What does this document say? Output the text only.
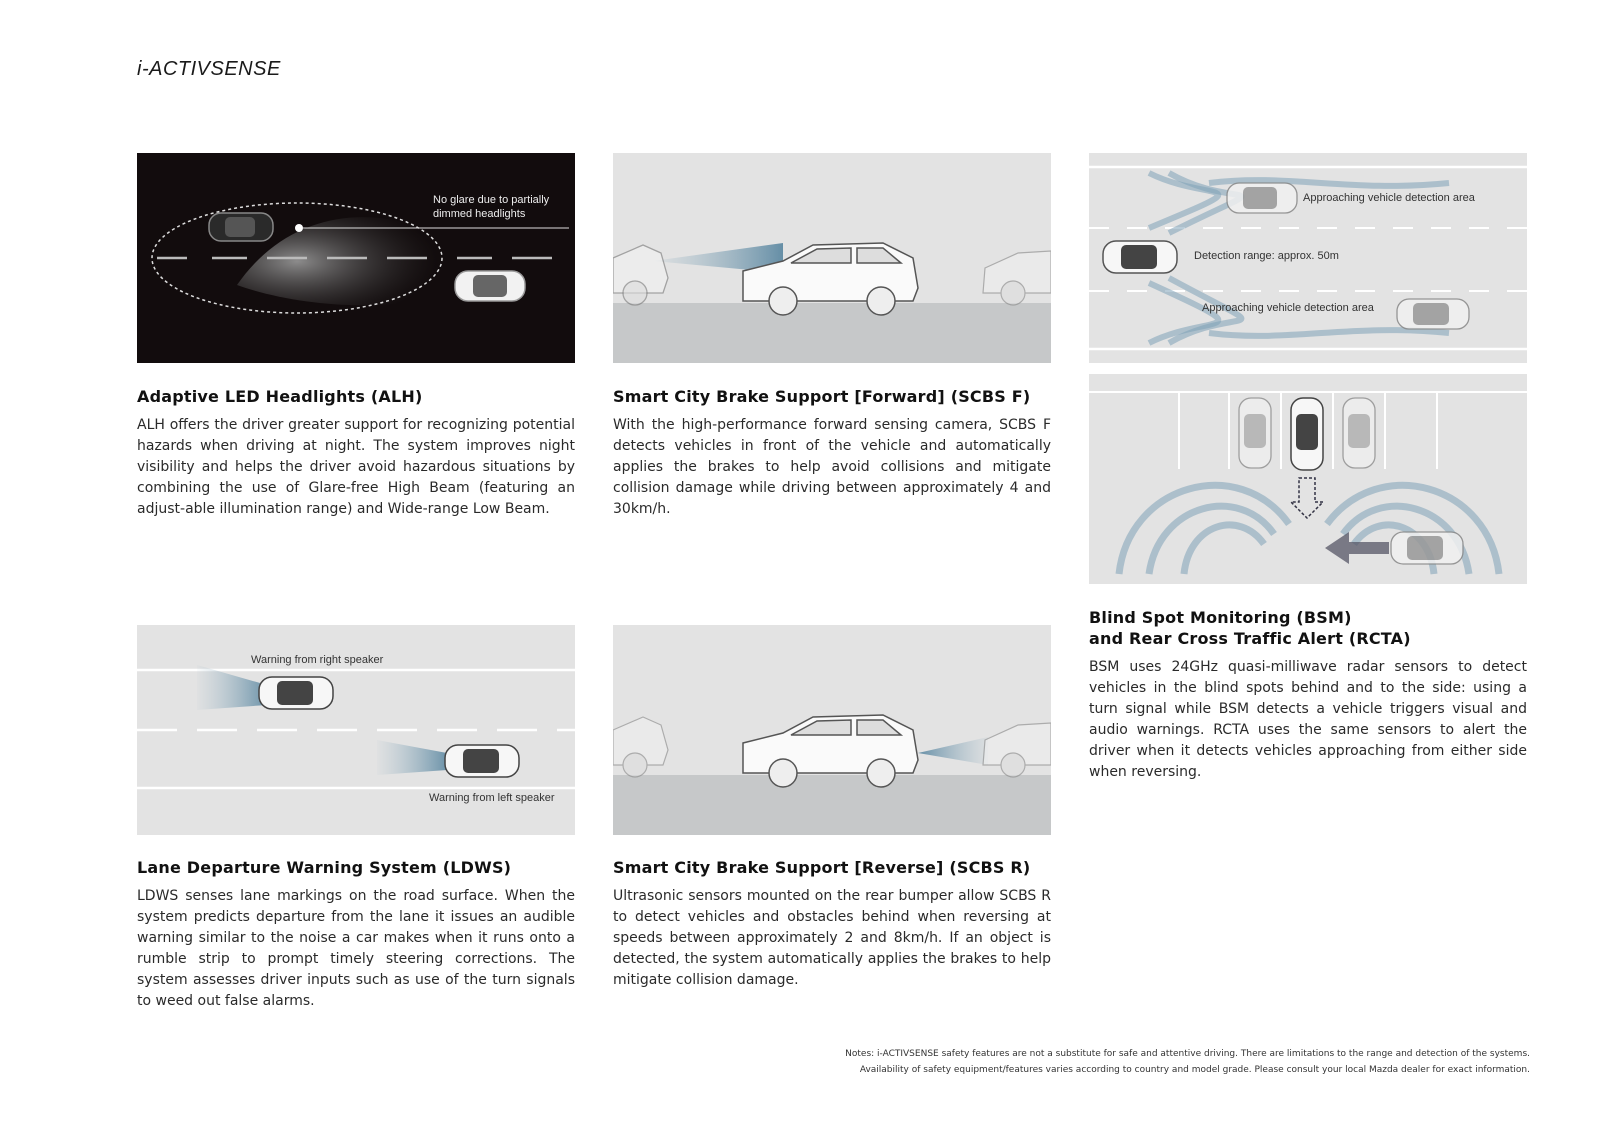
i-ACTIVSENSE
No glare due to partially
dimmed headlights
Approaching vehicle detection area
Detection range: approx. 50m
Approaching vehicle detection area
Warning from right speaker
Warning from left speaker
Adaptive LED Headlights (ALH)

ALH offers the driver greater support for recognizing potential hazards when driving at night. The system improves night visibility and helps the driver avoid hazardous situations by combining the use of Glare-free High Beam (featuring an adjust-able illumination range) and Wide-range Low Beam.

Smart City Brake Support [Forward] (SCBS F)

With the high-performance forward sensing camera, SCBS F detects vehicles in front of the vehicle and automatically applies the brakes to help avoid collisions and mitigate collision damage while driving between approximately 4 and 30km/h.

Blind Spot Monitoring (BSM)
and Rear Cross Traffic Alert (RCTA)

BSM uses 24GHz quasi-milliwave radar sensors to detect vehicles in the blind spots behind and to the side: using a turn signal while BSM detects a vehicle triggers visual and audio warnings. RCTA uses the same sensors to alert the driver when it detects vehicles approaching from either side when reversing.

Lane Departure Warning System (LDWS)

LDWS senses lane markings on the road surface. When the system predicts departure from the lane it issues an audible warning similar to the noise a car makes when it runs onto a rumble strip to prompt timely steering corrections. The system assesses driver inputs such as use of the turn signals to weed out false alarms.

Smart City Brake Support [Reverse] (SCBS R)

Ultrasonic sensors mounted on the rear bumper allow SCBS R to detect vehicles and obstacles behind when reversing at speeds between approximately 2 and 8km/h. If an object is detected, the system automatically applies the brakes to help mitigate collision damage.

Notes: i-ACTIVSENSE safety features are not a substitute for safe and attentive driving. There are limitations to the range and detection of the systems.
Availability of safety equipment/features varies according to country and model grade. Please consult your local Mazda dealer for exact information.
